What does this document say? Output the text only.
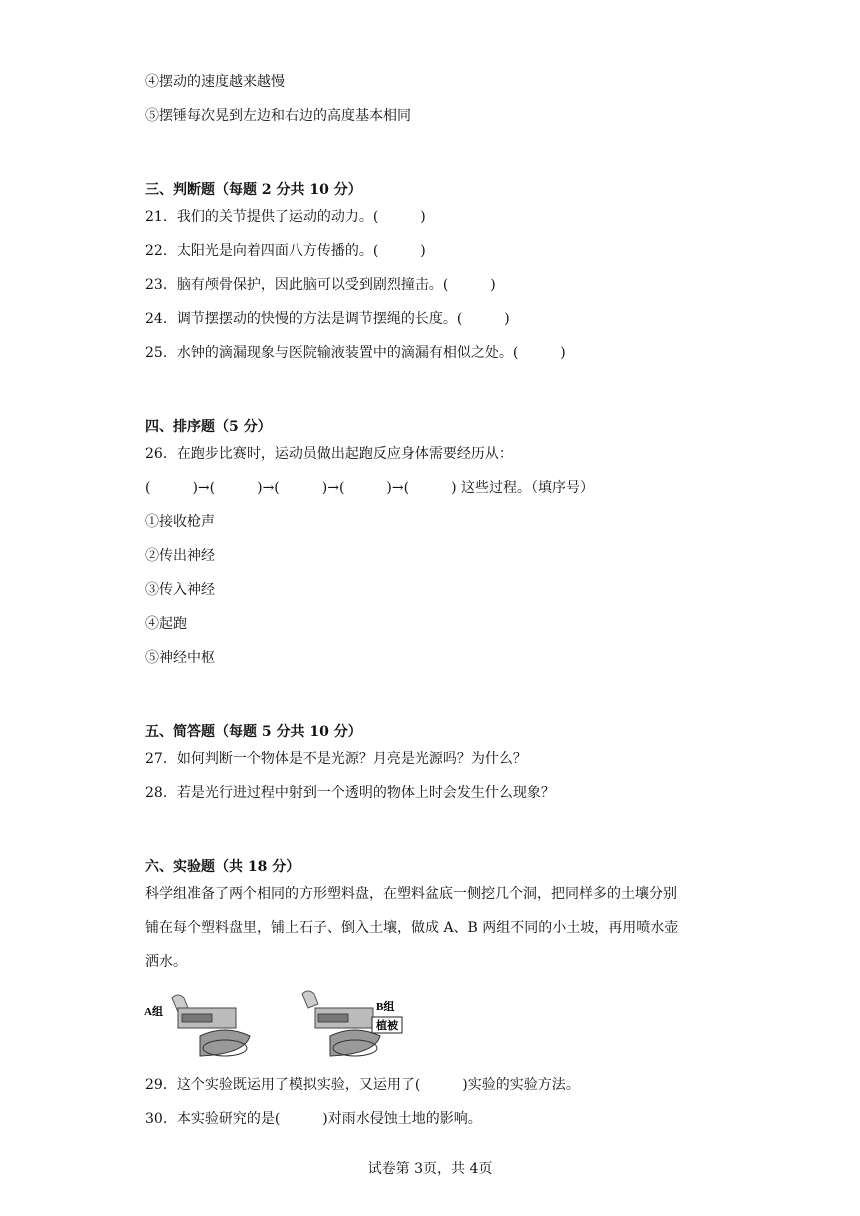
④摆动的速度越来越慢
⑤摆锤每次晃到左边和右边的高度基本相同
三、判断题（每题 2 分共 10 分）
21．我们的关节提供了运动的动力。(　　　)
22．太阳光是向着四面八方传播的。(　　　)
23．脑有颅骨保护，因此脑可以受到剧烈撞击。(　　　)
24．调节摆摆动的快慢的方法是调节摆绳的长度。(　　　)
25．水钟的滴漏现象与医院输液装置中的滴漏有相似之处。(　　　)
四、排序题（5 分）
26．在跑步比赛时，运动员做出起跑反应身体需要经历从：
(　　　)→(　　　)→(　　　)→(　　　)→(　　　) 这些过程。（填序号）
①接收枪声
②传出神经
③传入神经
④起跑
⑤神经中枢
五、简答题（每题 5 分共 10 分）
27．如何判断一个物体是不是光源？月亮是光源吗？为什么？
28．若是光行进过程中射到一个透明的物体上时会发生什么现象？
六、实验题（共 18 分）
科学组准备了两个相同的方形塑料盘，在塑料盆底一侧挖几个洞，把同样多的土壤分别
铺在每个塑料盘里，铺上石子、倒入土壤，做成 A、B 两组不同的小土坡，再用喷水壶
洒水。
A组	B组
植被
29．这个实验既运用了模拟实验，又运用了(　　　)实验的实验方法。
30．本实验研究的是(　　　)对雨水侵蚀土地的影响。
试卷第 3页，共 4页
